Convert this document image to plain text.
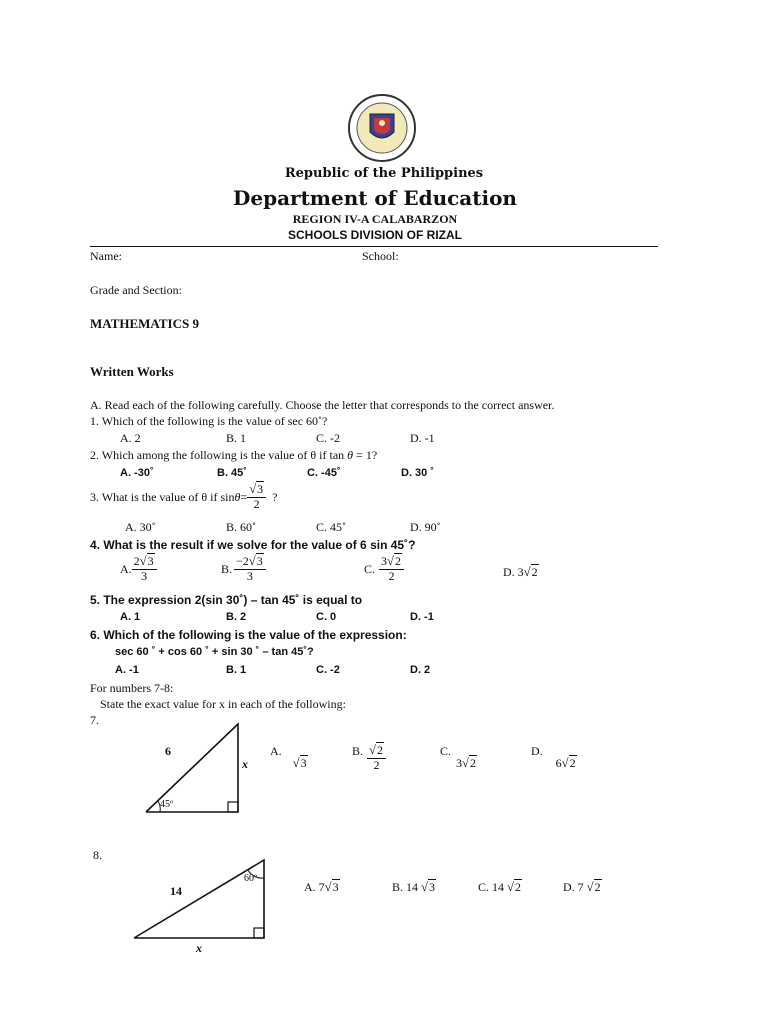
Republic of the Philippines
Department of Education
REGION IV-A CALABARZON
SCHOOLS DIVISION OF RIZAL
Name:	School:
Grade and Section:
MATHEMATICS 9
Written Works
A. Read each of the following carefully. Choose the letter that corresponds to the correct answer.
1. Which of the following is the value of sec 60˚?
A. 2	B. 1	C. -2	D. -1
2. Which among the following is the value of θ if tan θ = 1?
A. -30˚	B. 45˚	C. -45˚	D. 30 ˚
3. What is the value of θ if $\sin \theta = \frac{√3}{2}$ ?
A. 30˚	B. 60˚	C. 45˚	D. 90˚
4. What is the result if we solve for the value of 6 sin 45˚?
A. $\frac{2√3}{3}$	B. $\frac{-2√3}{3}$	C. $\frac{3√2}{2}$	D. 3√2
5. The expression 2(sin 30˚) – tan 45˚ is equal to
A. 1	B. 2	C. 0	D. -1
6. Which of the following is the value of the expression:
sec 60 ˚ + cos 60 ˚ + sin 30 ˚ – tan 45˚?
A. -1	B. 1	C. -2	D. 2
For numbers 7-8:
State the exact value for x in each of the following:
7.
6
x
45º
A. √3
B. $\frac{√2}{2}$	C. 3√2
D. 6√2
8.
14
x
60º
A. 7√3	B. 14 √3	C. 14 √2	D. 7 √2
